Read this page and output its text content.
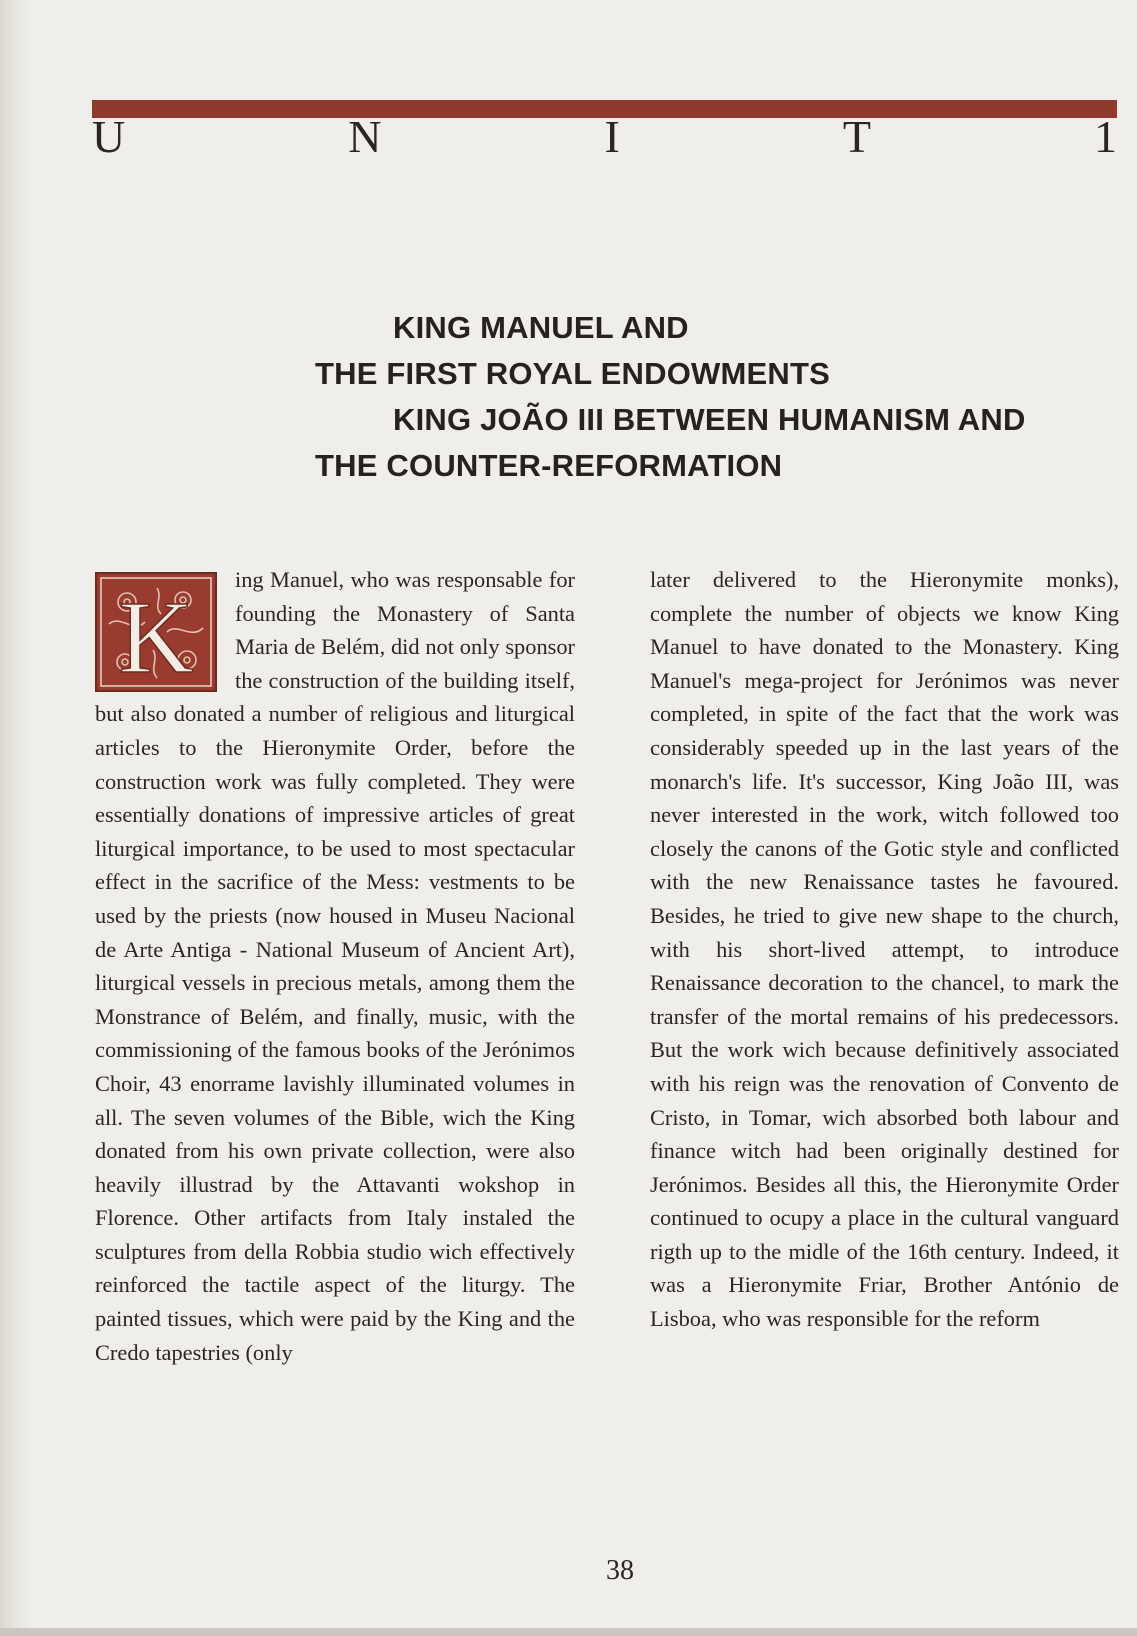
U	N	I	T	1
KING MANUEL AND
THE FIRST ROYAL ENDOWMENTS
KING JOÃO III BETWEEN HUMANISM AND
THE COUNTER-REFORMATION
K
ing Manuel, who was responsable for founding the Monastery of Santa Maria de Belém, did not only sponsor the construction of the building itself, but also donated a number of religious and liturgical articles to the Hieronymite Order, before the construction work was fully completed. They were essentially donations of impressive articles of great liturgical importance, to be used to most spectacular effect in the sacrifice of the Mess: vestments to be used by the priests (now housed in Museu Nacional de Arte Antiga - National Museum of Ancient Art), liturgical vessels in precious metals, among them the Monstrance of Belém, and finally, music, with the commissioning of the famous books of the Jerónimos Choir, 43 enorrame lavishly illuminated volumes in all. The seven volumes of the Bible, wich the King donated from his own private collection, were also heavily illustrad by the Attavanti wokshop in Florence. Other artifacts from Italy instaled the sculptures from della Robbia studio wich effectively reinforced the tactile aspect of the liturgy. The painted tissues, which were paid by the King and the Credo tapestries (only
later delivered to the Hieronymite monks), complete the number of objects we know King Manuel to have donated to the Monastery. King Manuel's mega-project for Jerónimos was never completed, in spite of the fact that the work was considerably speeded up in the last years of the monarch's life. It's successor, King João III, was never interested in the work, witch followed too closely the canons of the Gotic style and conflicted with the new Renaissance tastes he favoured. Besides, he tried to give new shape to the church, with his short-lived attempt, to introduce Renaissance decoration to the chancel, to mark the transfer of the mortal remains of his predecessors. But the work wich because definitively associated with his reign was the renovation of Convento de Cristo, in Tomar, wich absorbed both labour and finance witch had been originally destined for Jerónimos. Besides all this, the Hieronymite Order continued to ocupy a place in the cultural vanguard rigth up to the midle of the 16th century. Indeed, it was a Hieronymite Friar, Brother António de Lisboa, who was responsible for the reform
38
